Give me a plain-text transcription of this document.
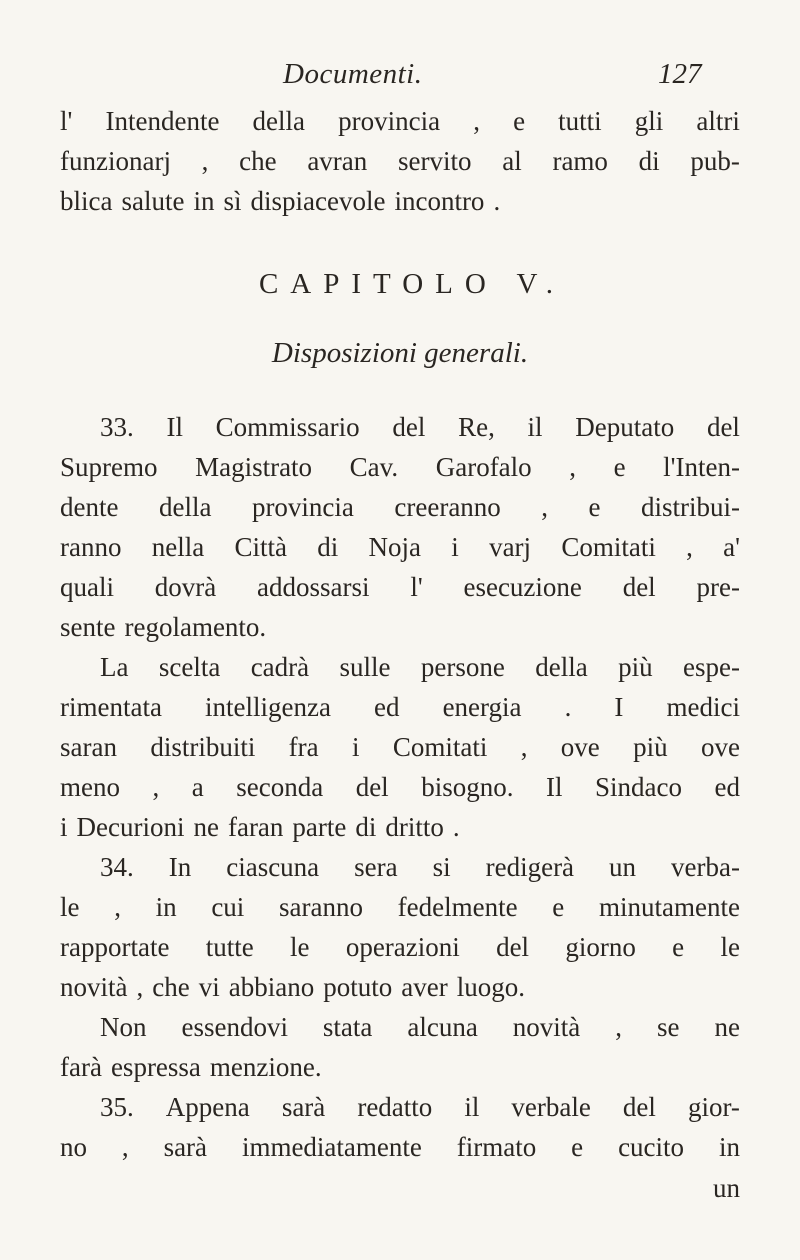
Documenti.	127
l' Intendente della provincia , e tutti gli altri
funzionarj , che avran servito al ramo di pub-
blica salute in sì dispiacevole incontro .
CAPITOLO V.
Disposizioni generali.
33. Il Commissario del Re, il Deputato del
Supremo Magistrato Cav. Garofalo , e l'Inten-
dente della provincia creeranno , e distribui-
ranno nella Città di Noja i varj Comitati , a'
quali dovrà addossarsi l' esecuzione del pre-
sente regolamento.
La scelta cadrà sulle persone della più espe-
rimentata intelligenza ed energia . I medici
saran distribuiti fra i Comitati , ove più ove
meno , a seconda del bisogno. Il Sindaco ed
i Decurioni ne faran parte di dritto .
34. In ciascuna sera si redigerà un verba-
le , in cui saranno fedelmente e minutamente
rapportate tutte le operazioni del giorno e le
novità , che vi abbiano potuto aver luogo.
Non essendovi stata alcuna novità , se ne
farà espressa menzione.
35. Appena sarà redatto il verbale del gior-
no , sarà immediatamente firmato e cucito in
un
